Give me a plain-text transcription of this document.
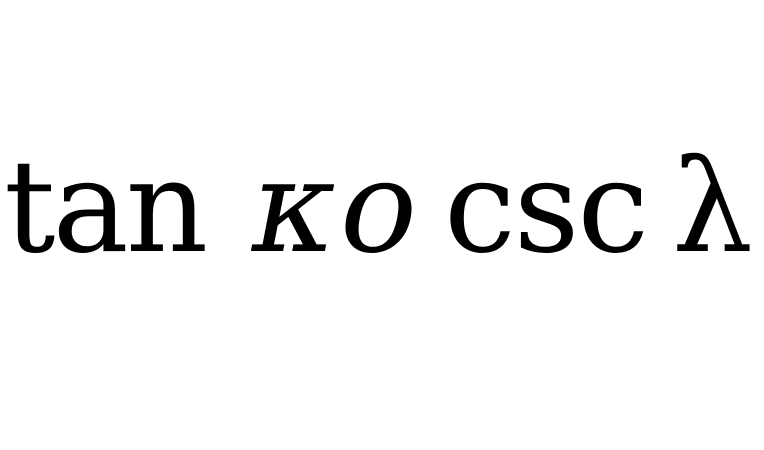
tan κ o csc λ
